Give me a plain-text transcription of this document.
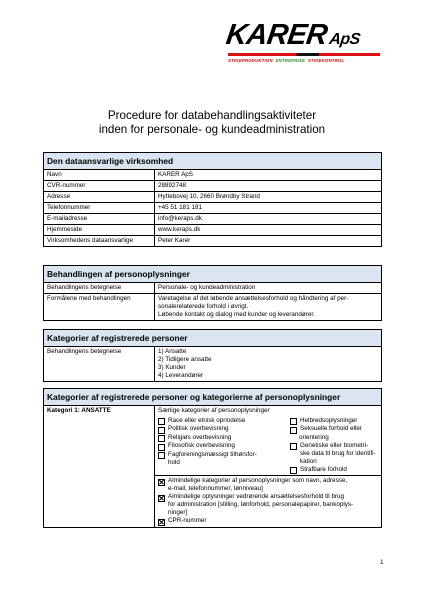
KARERApS
STIGEPRODUKTION ENTREPRISE STIGEKONTROL
Procedure for databehandlingsaktiviteter
inden for personale- og kundeadministration
Den dataansvarlige virksomhed
Navn	KARER ApS
CVR-nummer	28892748
Adresse	Hyttebovej 10, 2660 Brøndby Strand
Telefonnummer	+45 51 181 181
E-mailadresse	info@keraps.dk
Hjemmeside	www.keraps.dk
Virksomhedens dataansvarlige	Peter Karer
Behandlingen af personoplysninger
Behandlingens betegnelse	Personale- og kundeadministration
Formålene med behandlingen	Varetagelse af det løbende ansættelsesforhold og håndtering af per-

sonalerelaterede forhold i øvrigt.

Løbende kontakt og dialog med kunder og leverandører.

Kategorier af registrerede personer
Behandlingens betegnelse	1) Ansatte

2) Tidligere ansatte

3) Kunder

4) Leverandører

Kategorier af registrerede personer og kategorierne af personoplysninger
Kategori 1: ANSATTE	Særlige kategorier af personoplysninger
Race eller etnisk oprindelse
Politisk overbevisning
Religiøs overbevisning
Filosofisk overbevisning
Fagforeningsmæssigt tilhørsfor-
hold
Helbredsoplysninger
Seksuelle forhold eller
orientering
Genetiske eller biometri-
ske data til brug for identifi-
kation
Strafbare forhold
Almindelige kategorier af personoplysninger som navn, adresse,
e-mail, telefonnummer, lønniveau]
Almindelige oplysninger vedrørende ansættelsesforhold til brug
for administration [stilling, lønforhold, personalepapirer, bankoplys-
ninger]
CPR-nummer
1
